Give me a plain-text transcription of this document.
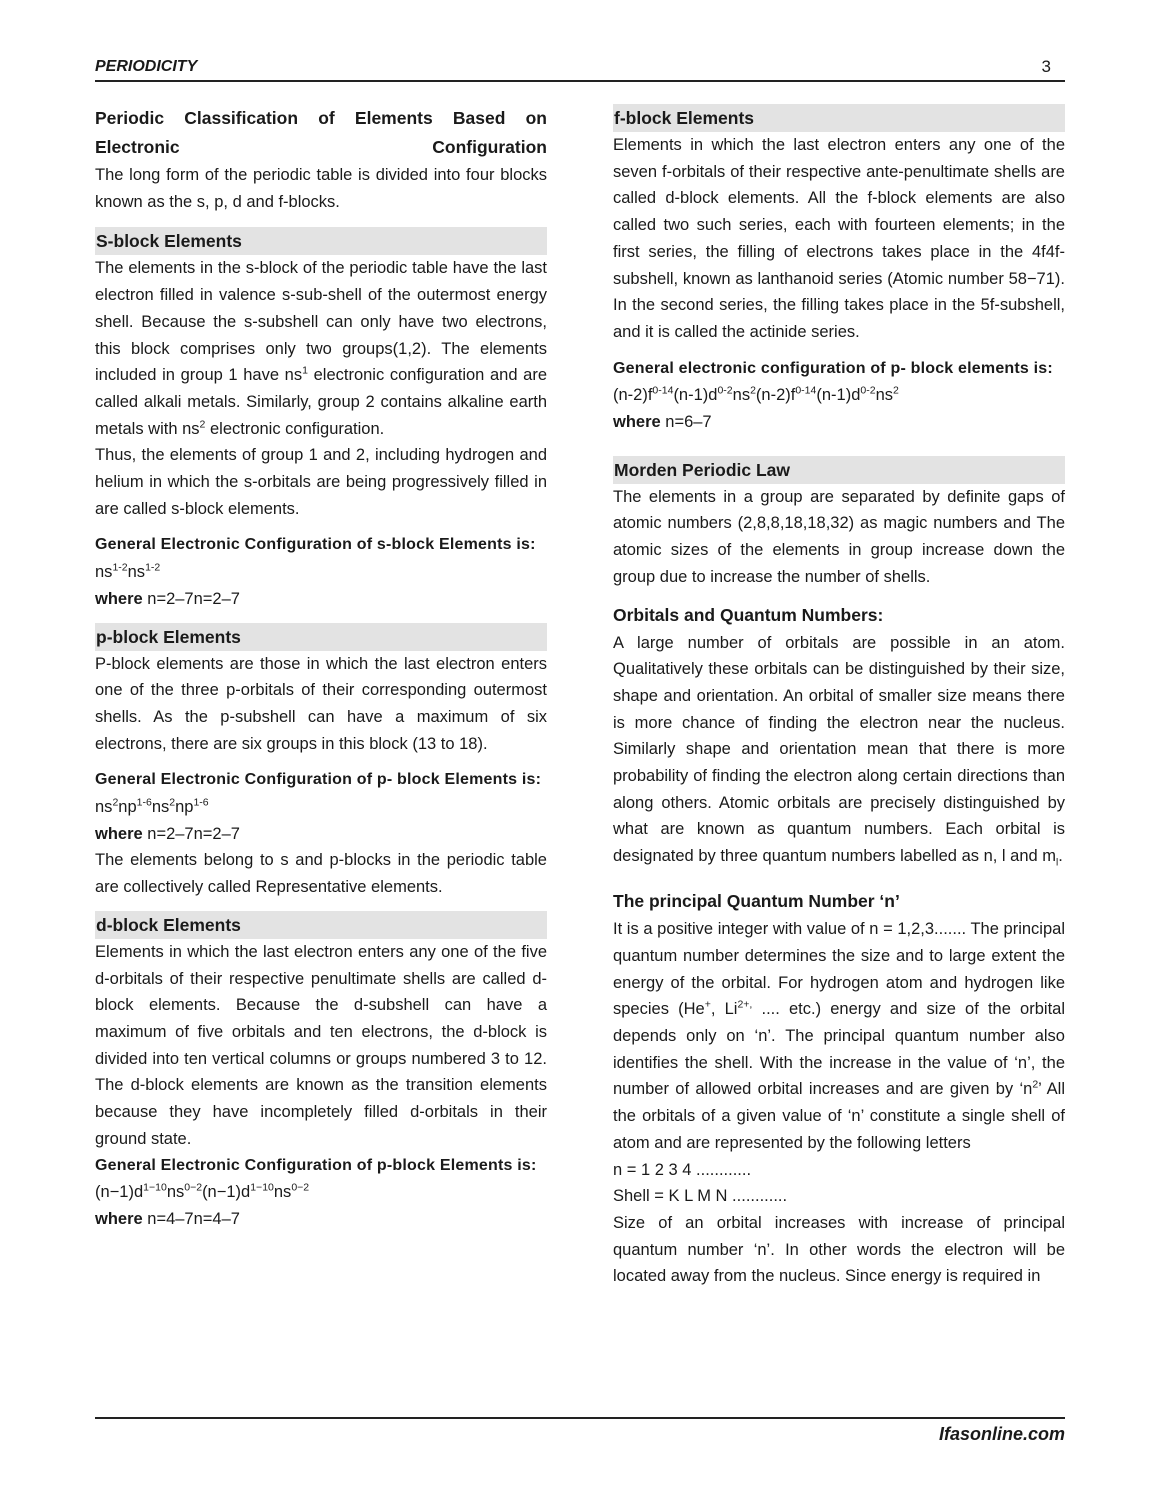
PERIODICITY	3

Periodic Classification of Elements Based on Electronic Configuration

The long form of the periodic table is divided into four blocks known as the s, p, d and f-blocks.

S-block Elements

The elements in the s-block of the periodic table have the last electron filled in valence s-sub-shell of the outermost energy shell. Because the s-subshell can only have two electrons, this block comprises only two groups(1,2). The elements included in group 1 have $ns^1$ electronic configuration and are called alkali metals. Similarly, group 2 contains alkaline earth metals with $ns^2$ electronic configuration.

Thus, the elements of group 1 and 2, including hydrogen and helium in which the s-orbitals are being progressively filled in are called s-block elements.

General Electronic Configuration of s-block Elements is:

$ns^{1-2}ns^{1-2}$

where n=2–7n=2–7

p-block Elements

P-block elements are those in which the last electron enters one of the three p-orbitals of their corresponding outermost shells. As the p-subshell can have a maximum of six electrons, there are six groups in this block (13 to 18).

General Electronic Configuration of p- block Elements is:

$ns^2np^{1-6}ns^2np^{1-6}$

where n=2–7n=2–7

The elements belong to s and p-blocks in the periodic table are collectively called Representative elements.

d-block Elements

Elements in which the last electron enters any one of the five d-orbitals of their respective penultimate shells are called d-block elements. Because the d-subshell can have a maximum of five orbitals and ten electrons, the d-block is divided into ten vertical columns or groups numbered 3 to 12. The d-block elements are known as the transition elements because they have incompletely filled d-orbitals in their ground state.

General Electronic Configuration of p-block Elements is:

$(n-1)d^{1-10}ns^{0-2}(n-1)d^{1-10}ns^{0-2}$

where n=4–7n=4–7

f-block Elements

Elements in which the last electron enters any one of the seven f-orbitals of their respective ante-penultimate shells are called d-block elements. All the f-block elements are also called two such series, each with fourteen elements; in the first series, the filling of electrons takes place in the 4f4f-subshell, known as lanthanoid series (Atomic number 58−71). In the second series, the filling takes place in the 5f-subshell, and it is called the actinide series.

General electronic configuration of p- block elements is:

$(n-2)f^{0-14}(n-1)d^{0-2}ns^2(n-2)f^{0-14}(n-1)d^{0-2}ns^2$

where n=6–7

Morden Periodic Law

The elements in a group are separated by definite gaps of atomic numbers (2,8,8,18,18,32) as magic numbers and The atomic sizes of the elements in group increase down the group due to increase the number of shells.

Orbitals and Quantum Numbers:

A large number of orbitals are possible in an atom. Qualitatively these orbitals can be distinguished by their size, shape and orientation. An orbital of smaller size means there is more chance of finding the electron near the nucleus. Similarly shape and orientation mean that there is more probability of finding the electron along certain directions than along others. Atomic orbitals are precisely distinguished by what are known as quantum numbers. Each orbital is designated by three quantum numbers labelled as n, l and $m_l$.

The principal Quantum Number ‘n’

It is a positive integer with value of n = 1,2,3....... The principal quantum number determines the size and to large extent the energy of the orbital. For hydrogen atom and hydrogen like species (He+, $Li^{2+,}$ .... etc.) energy and size of the orbital depends only on ‘n’. The principal quantum number also identifies the shell. With the increase in the value of ‘n’, the number of allowed orbital increases and are given by ‘$n^2$’ All the orbitals of a given value of ‘n’ constitute a single shell of atom and are represented by the following letters

n = 1 2 3 4 ............

Shell = K L M N ............

Size of an orbital increases with increase of principal quantum number ‘n’. In other words the electron will be located away from the nucleus. Since energy is required in

Ifasonline.com
